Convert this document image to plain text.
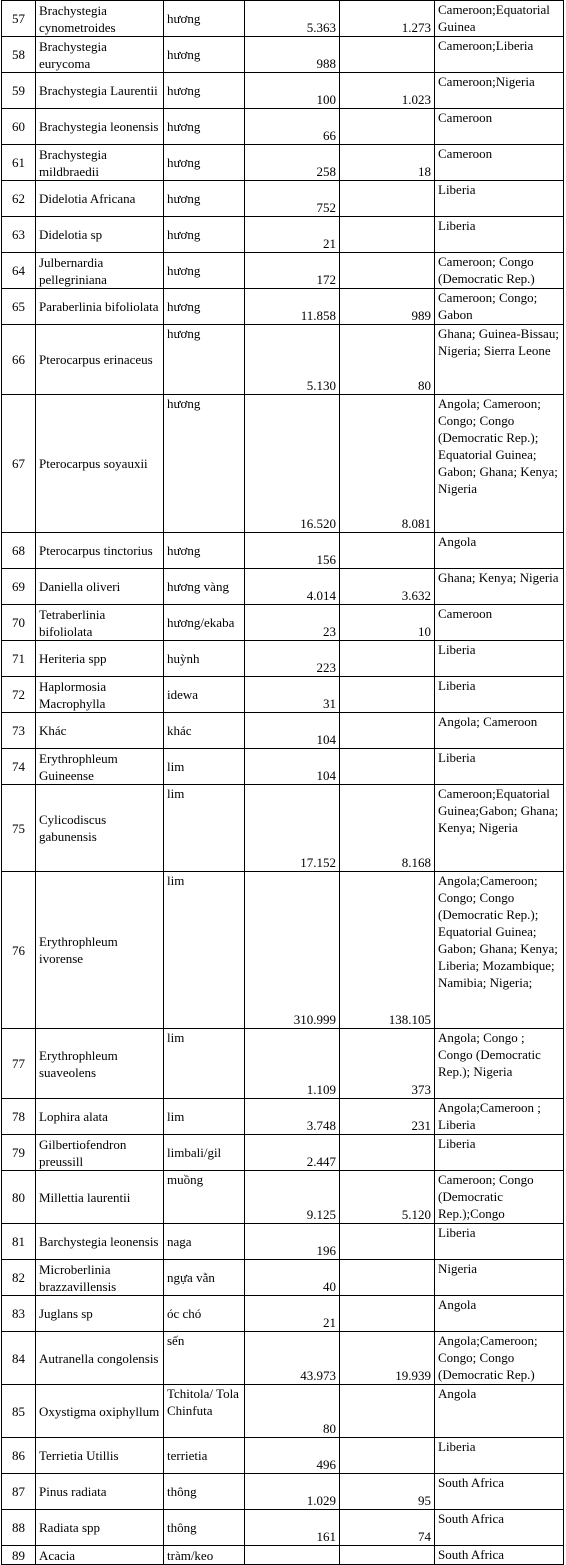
57	Brachystegia cynometroides	hương	5.363	1.273	Cameroon;Equatorial Guinea
58	Brachystegia eurycoma	hương	988		Cameroon;Liberia
59	Brachystegia Laurentii	hương	100	1.023	Cameroon;Nigeria
60	Brachystegia leonensis	hương	66		Cameroon
61	Brachystegia mildbraedii	hương	258	18	Cameroon
62	Didelotia Africana	hương	752		Liberia
63	Didelotia sp	hương	21		Liberia
64	Julbernardia pellegriniana	hương	172		Cameroon; Congo (Democratic Rep.)
65	Paraberlinia bifoliolata	hương	11.858	989	Cameroon; Congo; Gabon
66	Pterocarpus erinaceus	hương	5.130	80	Ghana; Guinea-Bissau; Nigeria; Sierra Leone
67	Pterocarpus soyauxii	hương	16.520	8.081	Angola; Cameroon; Congo; Congo (Democratic Rep.); Equatorial Guinea; Gabon; Ghana; Kenya; Nigeria
68	Pterocarpus tinctorius	hương	156		Angola
69	Daniella oliveri	hương vàng	4.014	3.632	Ghana; Kenya; Nigeria
70	Tetraberlinia bifoliolata	hương/ekaba	23	10	Cameroon
71	Heriteria spp	huỳnh	223		Liberia
72	Haplormosia Macrophylla	idewa	31		Liberia
73	Khác	khác	104		Angola; Cameroon
74	Erythrophleum Guineense	lim	104		Liberia
75	Cylicodiscus gabunensis	lim	17.152	8.168	Cameroon;Equatorial Guinea;Gabon; Ghana; Kenya; Nigeria
76	Erythrophleum ivorense	lim	310.999	138.105	Angola;Cameroon; Congo; Congo (Democratic Rep.); Equatorial Guinea; Gabon; Ghana; Kenya; Liberia; Mozambique; Namibia; Nigeria;
77	Erythrophleum suaveolens	lim	1.109	373	Angola; Congo ; Congo (Democratic Rep.); Nigeria
78	Lophira alata	lim	3.748	231	Angola;Cameroon ; Liberia
79	Gilbertiofendron preussill	limbali/gil	2.447		Liberia
80	Millettia laurentii	muồng	9.125	5.120	Cameroon; Congo (Democratic Rep.);Congo
81	Barchystegia leonensis	naga	196		Liberia
82	Microberlinia brazzavillensis	ngựa vằn	40		Nigeria
83	Juglans sp	óc chó	21		Angola
84	Autranella congolensis	sến	43.973	19.939	Angola;Cameroon; Congo; Congo (Democratic Rep.)
85	Oxystigma oxiphyllum	Tchitola/ Tola Chinfuta	80		Angola
86	Terrietia Utillis	terrietia	496		Liberia
87	Pinus radiata	thông	1.029	95	South Africa
88	Radiata spp	thông	161	74	South Africa
89	Acacia	tràm/keo			South Africa
